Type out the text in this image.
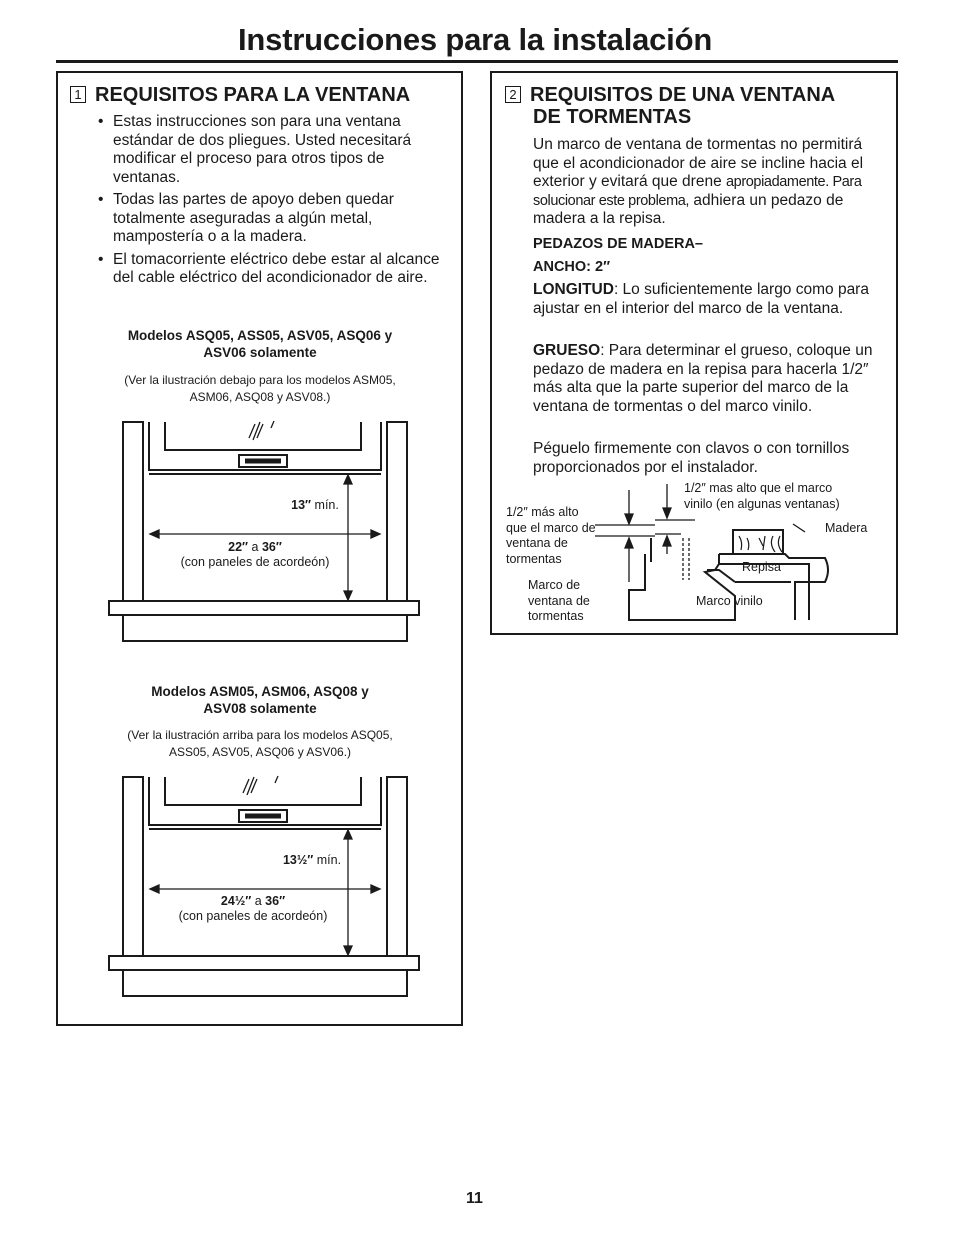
Instrucciones para la instalación
1 REQUISITOS PARA LA VENTANA
• Estas instrucciones son para una ventana estándar de dos pliegues. Usted necesitará modificar el proceso para otros tipos de ventanas.
• Todas las partes de apoyo deben quedar totalmente aseguradas a algún metal, mampostería o a la madera.
• El tomacorriente eléctrico debe estar al alcance del cable eléctrico del acondicionador de aire.
Modelos ASQ05, ASS05, ASV05, ASQ06 y
ASV06 solamente
(Ver la ilustración debajo para los modelos ASM05,
ASM06, ASQ08 y ASV08.)
13″ mín.
22″ a 36″
(con paneles de acordeón)
Modelos ASM05, ASM06, ASQ08 y
ASV08 solamente
(Ver la ilustración arriba para los modelos ASQ05,
ASS05, ASV05, ASQ06 y ASV06.)
13½″ mín.
24½″ a 36″
(con paneles de acordeón)
2 REQUISITOS DE UNA VENTANA
DE TORMENTAS

Un marco de ventana de tormentas no permitirá que el acondicionador de aire se incline hacia el exterior y evitará que drene apropiadamente. Para solucionar este problema, adhiera un pedazo de madera a la repisa.

PEDAZOS DE MADERA–

ANCHO: 2″

LONGITUD: Lo suficientemente largo como para ajustar en el interior del marco de la ventana.

GRUESO: Para determinar el grueso, coloque un pedazo de madera en la repisa para hacerla 1/2″ más alta que la parte superior del marco de la ventana de tormentas o del marco vinilo.

Péguelo firmemente con clavos o con tornillos proporcionados por el instalador.

1/2″ más alto que el marco de ventana de tormentas
1/2″ mas alto que el marco vinilo (en algunas ventanas)
Madera
Repisa
Marco de ventana de tormentas
Marco vinilo
11
